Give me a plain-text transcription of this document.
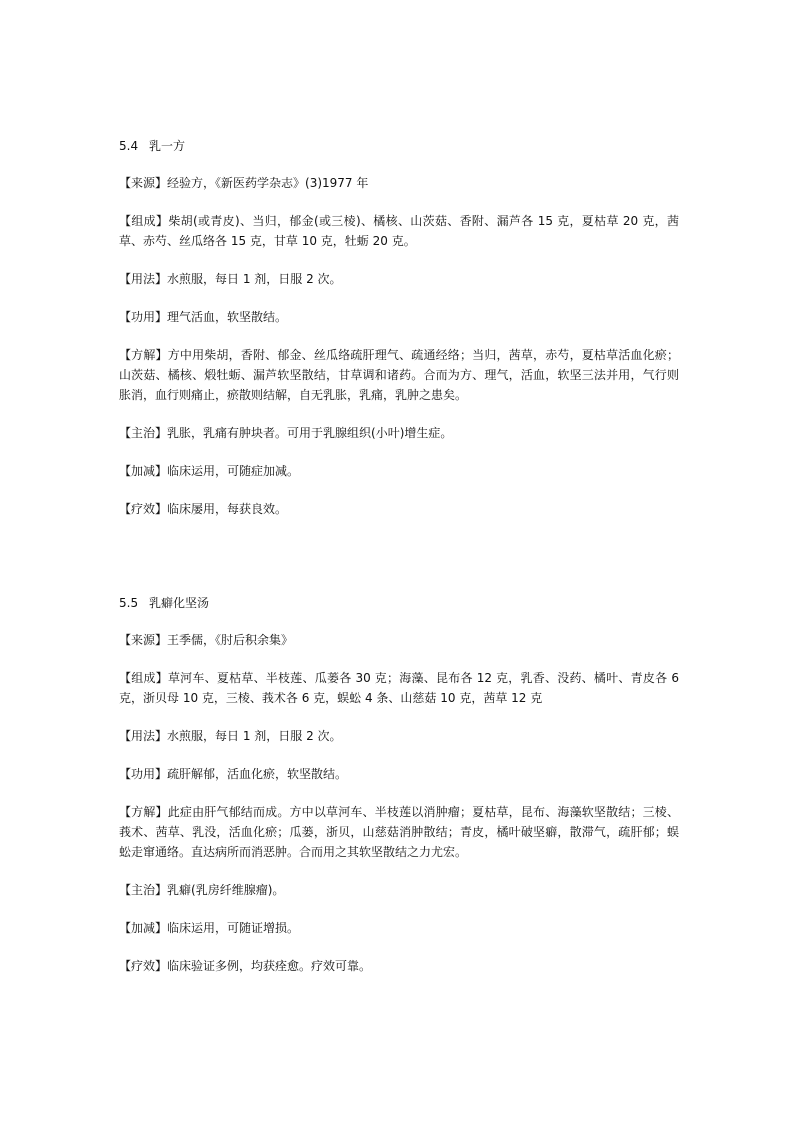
5.4 乳一方

【来源】经验方，《新医药学杂志》(3)1977 年

【组成】柴胡(或青皮)、当归，郁金(或三棱)、橘核、山茨菇、香附、漏芦各 15 克，夏枯草 20 克，茜草、赤芍、丝瓜络各 15 克，甘草 10 克，牡蛎 20 克。

【用法】水煎服，每日 1 剂，日服 2 次。

【功用】理气活血，软坚散结。

【方解】方中用柴胡，香附、郁金、丝瓜络疏肝理气、疏通经络；当归，茜草，赤芍，夏枯草活血化瘀；山茨菇、橘核、煅牡蛎、漏芦软坚散结，甘草调和诸药。合而为方、理气，活血，软坚三法并用，气行则胀消，血行则痛止，瘀散则结解，自无乳胀，乳痛，乳肿之患矣。

【主治】乳胀，乳痛有肿块者。可用于乳腺组织(小叶)增生症。

【加减】临床运用，可随症加减。

【疗效】临床屡用，每获良效。

5.5 乳癖化坚汤

【来源】王季儒，《肘后积余集》

【组成】草河车、夏枯草、半枝莲、瓜蒌各 30 克；海藻、昆布各 12 克，乳香、没药、橘叶、青皮各 6 克，浙贝母 10 克，三棱、莪术各 6 克，蜈蚣 4 条、山慈菇 10 克，茜草 12 克

【用法】水煎服，每日 1 剂，日服 2 次。

【功用】疏肝解郁，活血化瘀，软坚散结。

【方解】此症由肝气郁结而成。方中以草河车、半枝莲以消肿瘤；夏枯草，昆布、海藻软坚散结；三棱、莪术、茜草、乳没，活血化瘀；瓜蒌，浙贝，山慈菇消肿散结；青皮，橘叶破坚癖，散滞气，疏肝郁；蜈蚣走窜通络。直达病所而消恶肿。合而用之其软坚散结之力尤宏。

【主治】乳癖(乳房纤维腺瘤)。

【加减】临床运用，可随证增损。

【疗效】临床验证多例，均获痊愈。疗效可靠。
